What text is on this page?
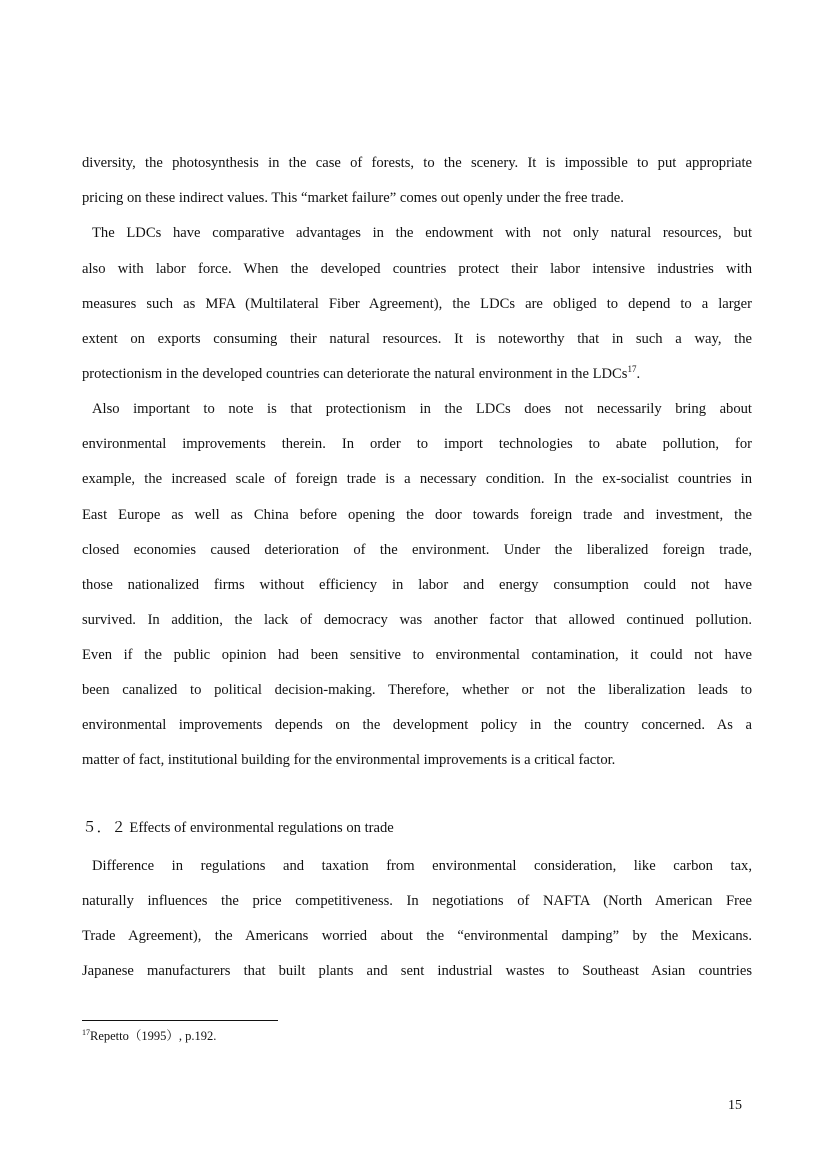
diversity, the photosynthesis in the case of forests, to the scenery. It is impossible to put appropriate
pricing on these indirect values. This “market failure” comes out openly under the free trade.
The LDCs have comparative advantages in the endowment with not only natural resources, but
also with labor force. When the developed countries protect their labor intensive industries with
measures such as MFA (Multilateral Fiber Agreement), the LDCs are obliged to depend to a larger
extent on exports consuming their natural resources. It is noteworthy that in such a way, the
protectionism in the developed countries can deteriorate the natural environment in the LDCs$^{17}$.
Also important to note is that protectionism in the LDCs does not necessarily bring about
environmental improvements therein. In order to import technologies to abate pollution, for
example, the increased scale of foreign trade is a necessary condition. In the ex-socialist countries in
East Europe as well as China before opening the door towards foreign trade and investment, the
closed economies caused deterioration of the environment. Under the liberalized foreign trade,
those nationalized firms without efficiency in labor and energy consumption could not have
survived. In addition, the lack of democracy was another factor that allowed continued pollution.
Even if the public opinion had been sensitive to environmental contamination, it could not have
been canalized to political decision-making. Therefore, whether or not the liberalization leads to
environmental improvements depends on the development policy in the country concerned. As a
matter of fact, institutional building for the environmental improvements is a critical factor.
５．２ Effects of environmental regulations on trade
Difference in regulations and taxation from environmental consideration, like carbon tax,
naturally influences the price competitiveness. In negotiations of NAFTA (North American Free
Trade Agreement), the Americans worried about the “environmental damping” by the Mexicans.
Japanese manufacturers that built plants and sent industrial wastes to Southeast Asian countries
$^{17}$Repetto（1995）, p.192.
15
